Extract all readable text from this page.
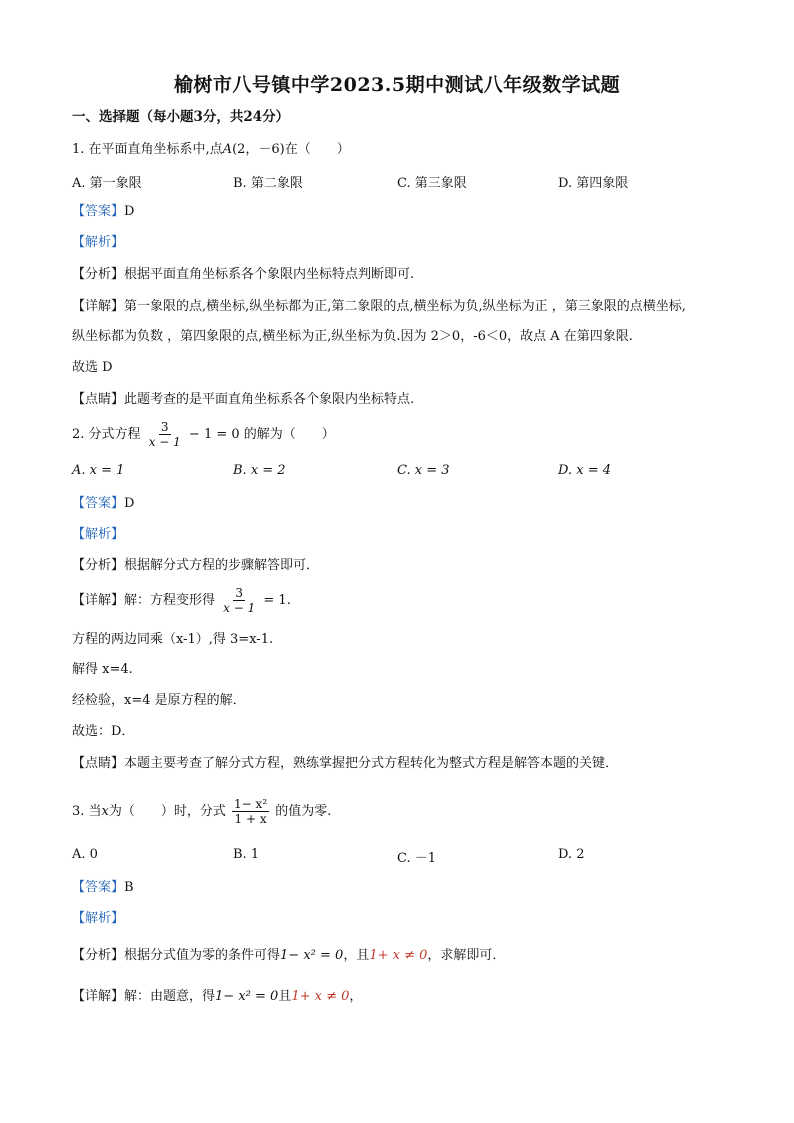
榆树市八号镇中学2023.5期中测试八年级数学试题
一、选择题（每小题3分，共24分）
1. 在平面直角坐标系中,点A(2，－6)在（　　）
A. 第一象限	B. 第二象限	C. 第三象限	D. 第四象限
【答案】D
【解析】
【分析】根据平面直角坐标系各个象限内坐标特点判断即可.
【详解】第一象限的点,横坐标,纵坐标都为正,第二象限的点,横坐标为负,纵坐标为正 ，第三象限的点横坐标,
纵坐标都为负数 ，第四象限的点,横坐标为正,纵坐标为负.因为 2＞0，-6＜0，故点 A 在第四象限.
故选 D
【点睛】此题考查的是平面直角坐标系各个象限内坐标特点.
2. 分式方程 $\frac{3}{x - 1} - 1 = 0$ 的解为（　　）
A. x = 1	B. x = 2	C. x = 3	D. x = 4
【答案】D
【解析】
【分析】根据解分式方程的步骤解答即可．
【详解】解：方程变形得 $\frac{3}{x - 1} = 1$.
方程的两边同乘（x-1）,得 3=x-1.
解得 x=4.
经检验，x=4 是原方程的解．
故选：D．
【点睛】本题主要考查了解分式方程，熟练掌握把分式方程转化为整式方程是解答本题的关键．
3. 当x为（　　）时，分式 $\frac{\text{1− x²}}{1 + x}$ 的值为零.
A. 0	B. 1	C. －1	D. 2
【答案】B
【解析】
【分析】根据分式值为零的条件可得1− x² = 0，且1+ x ≠ 0，求解即可．
【详解】解：由题意，得1− x² = 0且1+ x ≠ 0，
